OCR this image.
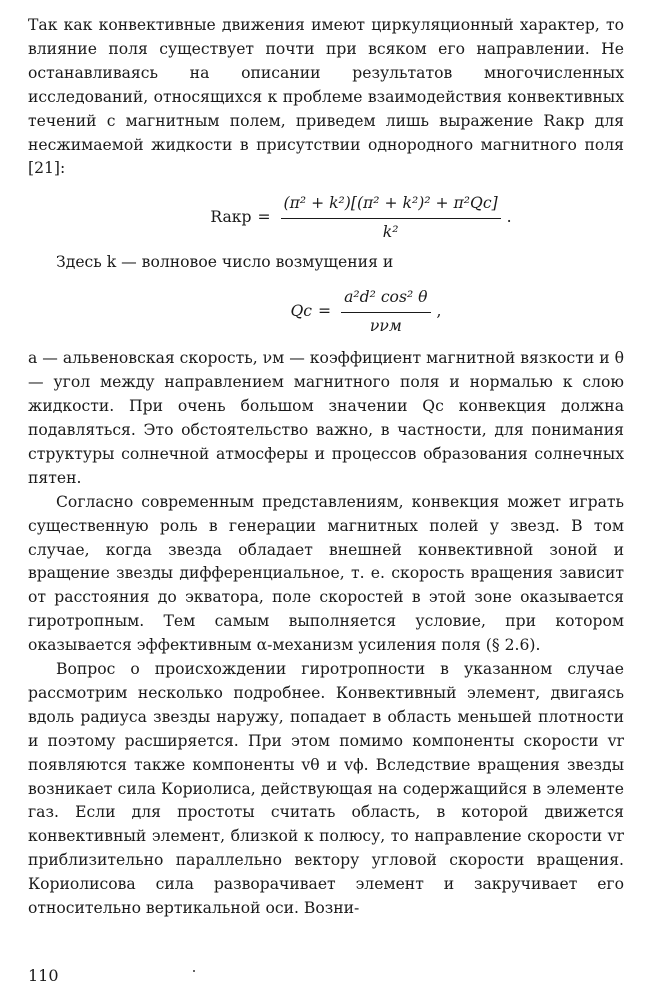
Так как конвективные движения имеют циркуляционный характер, то влияние поля существует почти при всяком его направлении. Не останавливаясь на описании результатов многочисленных исследований, относящихся к проблеме взаимодействия конвективных течений с магнитным полем, приведем лишь выражение Raкр для несжимаемой жидкости в присутствии однородного магнитного поля [21]:

Raкр = $\frac{\text{(π² + k²)[(π² + k²)² + π²Qc]}}{\text{k²}}$ .

Здесь k — волновое число возмущения и

$Qc = \frac{\text{a²d² cos² θ}}{\text{ννм}}$ ,

a — альвеновская скорость, νм — коэффициент магнитной вязкости и θ — угол между направлением магнитного поля и нормалью к слою жидкости. При очень большом значении Qc конвекция должна подавляться. Это обстоятельство важно, в частности, для понимания структуры солнечной атмосферы и процессов образования солнечных пятен.

Согласно современным представлениям, конвекция может играть существенную роль в генерации магнитных полей у звезд. В том случае, когда звезда обладает внешней конвективной зоной и вращение звезды дифференциальное, т. е. скорость вращения зависит от расстояния до экватора, поле скоростей в этой зоне оказывается гиротропным. Тем самым выполняется условие, при котором оказывается эффективным α-механизм усиления поля (§ 2.6).

Вопрос о происхождении гиротропности в указанном случае рассмотрим несколько подробнее. Конвективный элемент, двигаясь вдоль радиуса звезды наружу, попадает в область меньшей плотности и поэтому расширяется. При этом помимо компоненты скорости vr появляются также компоненты vθ и vϕ. Вследствие вращения звезды возникает сила Кориолиса, действующая на содержащийся в элементе газ. Если для простоты считать область, в которой движется конвективный элемент, близкой к полюсу, то направление скорости vr приблизительно параллельно вектору угловой скорости вращения. Кориолисова сила разворачивает элемент и закручивает его относительно вертикальной оси. Возни-

110
